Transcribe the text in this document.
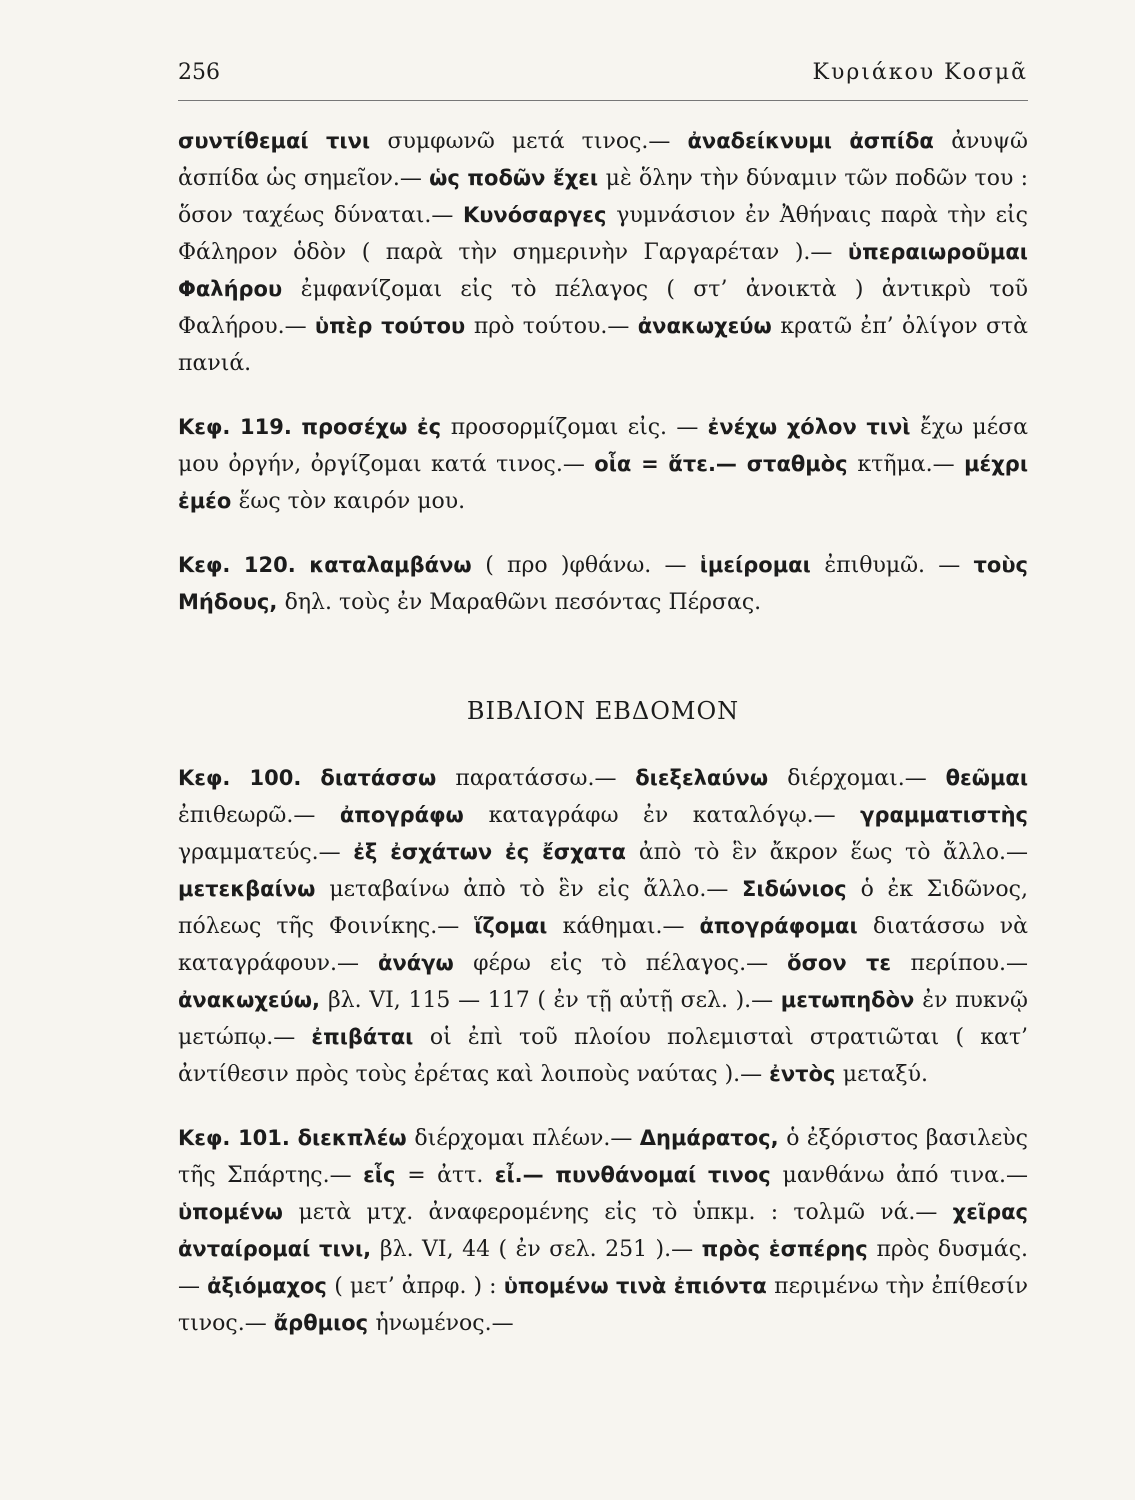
256	Κυριάκου Κοσμᾶ

συντίθεμαί τινι συμφωνῶ μετά τινος.— ἀναδείκνυμι ἀσπίδα ἀνυψῶ ἀσπίδα ὡς σημεῖον.— ὡς ποδῶν ἔχει μὲ ὅλην τὴν δύναμιν τῶν ποδῶν του : ὅσον ταχέως δύναται.— Κυνόσαργες γυμνάσιον ἐν Ἀθήναις παρὰ τὴν εἰς Φάληρον ὁδὸν ( παρὰ τὴν σημερινὴν Γαργαρέταν ).— ὑπεραιωροῦμαι Φαλήρου ἐμφανίζομαι εἰς τὸ πέλαγος ( στ’ ἀνοικτὰ ) ἀντικρὺ τοῦ Φαλήρου.— ὑπὲρ τούτου πρὸ τούτου.— ἀνακωχεύω κρατῶ ἐπ’ ὀλίγον στὰ πανιά.

Κεφ. 119. προσέχω ἐς προσορμίζομαι εἰς. — ἐνέχω χόλον τινὶ ἔχω μέσα μου ὀργήν, ὀργίζομαι κατά τινος.— οἷα = ἅτε.— σταθμὸς κτῆμα.— μέχρι ἐμέο ἕως τὸν καιρόν μου.

Κεφ. 120. καταλαμβάνω ( προ )φθάνω. — ἱμείρομαι ἐπιθυμῶ. — τοὺς Μήδους, δηλ. τοὺς ἐν Μαραθῶνι πεσόντας Πέρσας.

ΒΙΒΛΙΟΝ ΕΒΔΟΜΟΝ

Κεφ. 100. διατάσσω παρατάσσω.— διεξελαύνω διέρχομαι.— θεῶμαι ἐπιθεωρῶ.— ἀπογράφω καταγράφω ἐν καταλόγῳ.— γραμματιστὴς γραμματεύς.— ἐξ ἐσχάτων ἐς ἔσχατα ἀπὸ τὸ ἓν ἄκρον ἕως τὸ ἄλλο.— μετεκβαίνω μεταβαίνω ἀπὸ τὸ ἓν εἰς ἄλλο.— Σιδώνιος ὁ ἐκ Σιδῶνος, πόλεως τῆς Φοινίκης.— ἵζομαι κάθημαι.— ἀπογράφομαι διατάσσω νὰ καταγράφουν.— ἀνάγω φέρω εἰς τὸ πέλαγος.— ὅσον τε περίπου.— ἀνακωχεύω, βλ. VI, 115 — 117 ( ἐν τῇ αὐτῇ σελ. ).— μετωπηδὸν ἐν πυκνῷ μετώπῳ.— ἐπιβάται οἱ ἐπὶ τοῦ πλοίου πολεμισταὶ στρατιῶται ( κατ’ ἀντίθεσιν πρὸς τοὺς ἐρέτας καὶ λοιποὺς ναύτας ).— ἐντὸς μεταξύ.

Κεφ. 101. διεκπλέω διέρχομαι πλέων.— Δημάρατος, ὁ ἐξόριστος βασιλεὺς τῆς Σπάρτης.— εἷς = ἀττ. εἶ.— πυνθάνομαί τινος μανθάνω ἀπό τινα.— ὑπομένω μετὰ μτχ. ἀναφερομένης εἰς τὸ ὑπκμ. : τολμῶ νά.— χεῖρας ἀνταίρομαί τινι, βλ. VI, 44 ( ἐν σελ. 251 ).— πρὸς ἑσπέρης πρὸς δυσμάς.— ἀξιόμαχος ( μετ’ ἀπρφ. ) : ὑπομένω τινὰ ἐπιόντα περιμένω τὴν ἐπίθεσίν τινος.— ἄρθμιος ἡνωμένος.—
